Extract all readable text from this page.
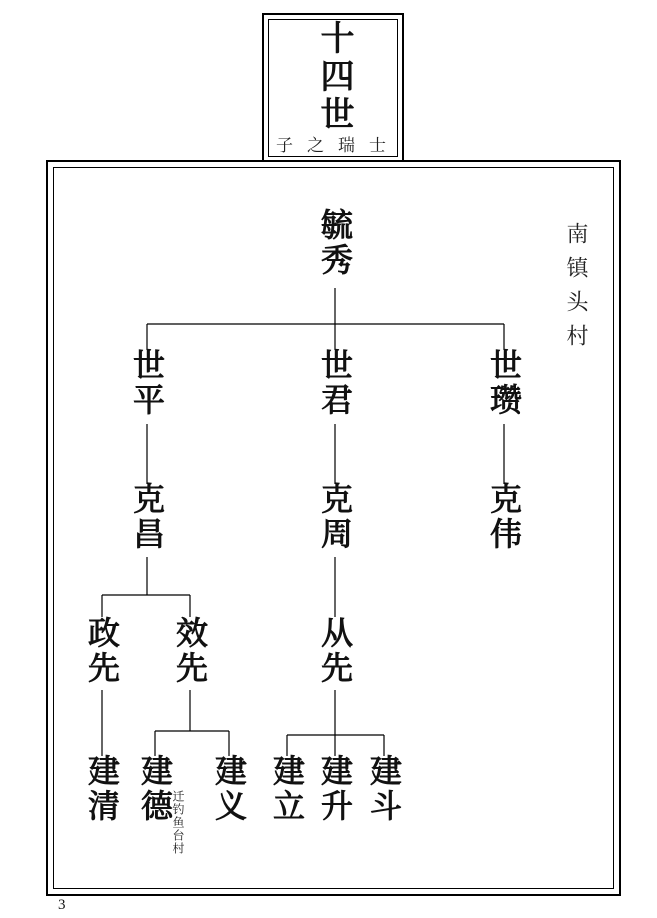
十四世
子之瑞士
南镇头村
毓秀
世平	世君	世瓒
克昌	克周	克伟
政先 效先	从先
建清 建德
迁钓鱼台村 建义 建立 建升 建斗
3
